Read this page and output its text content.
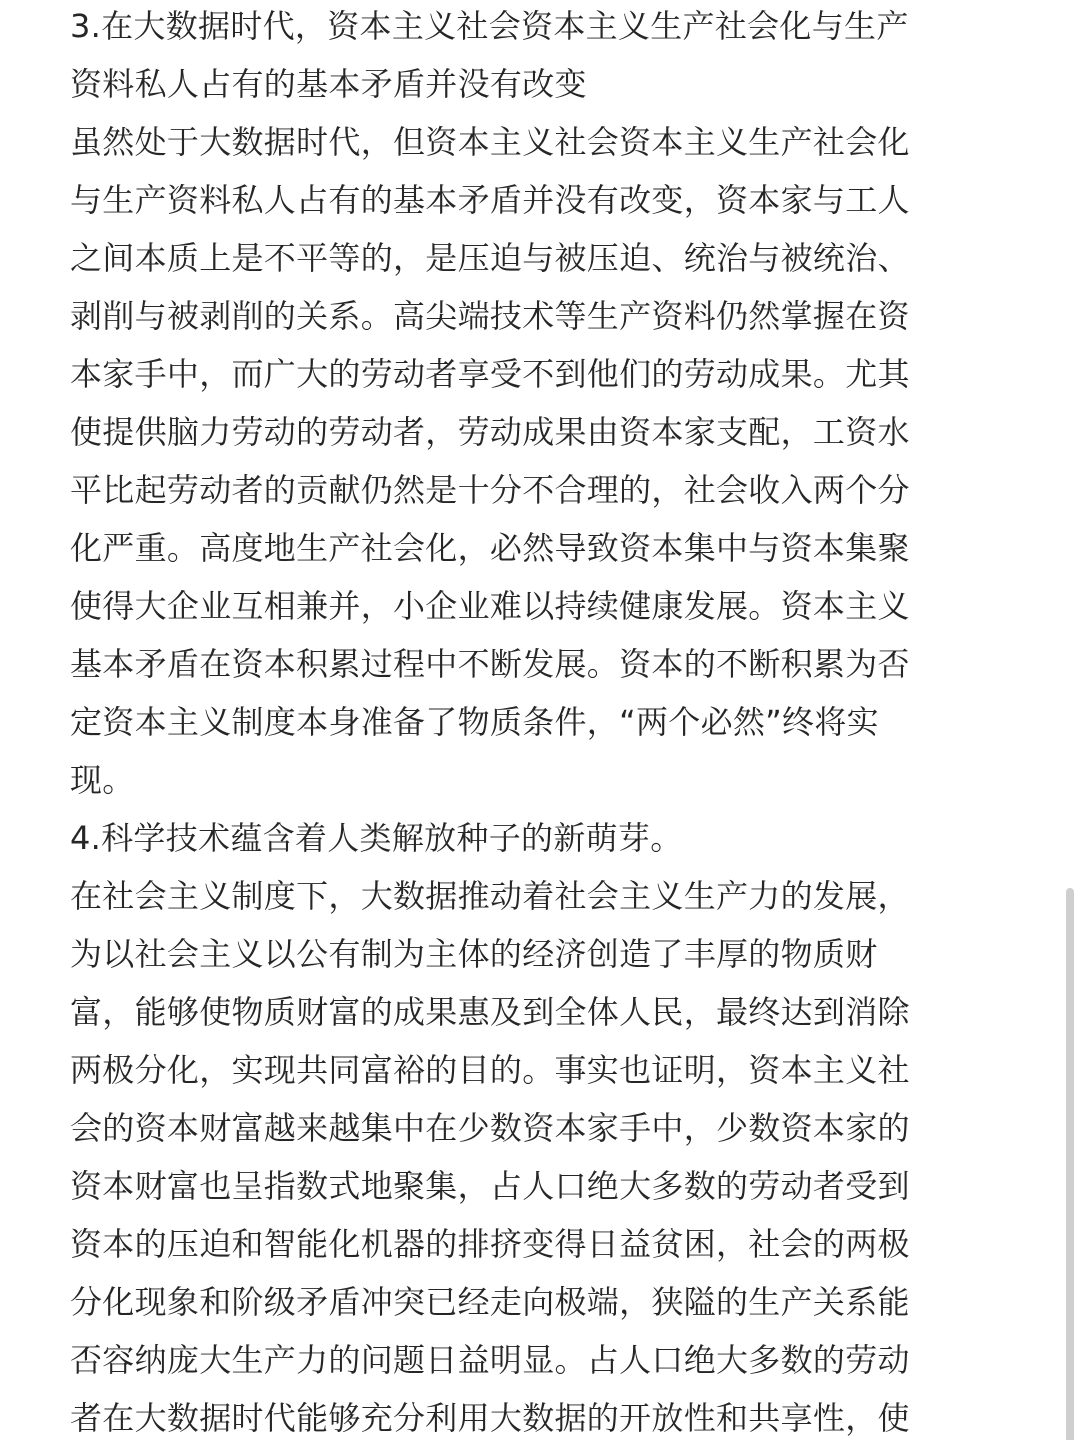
3.在大数据时代，资本主义社会资本主义生产社会化与生产
资料私人占有的基本矛盾并没有改变
虽然处于大数据时代，但资本主义社会资本主义生产社会化
与生产资料私人占有的基本矛盾并没有改变，资本家与工人
之间本质上是不平等的，是压迫与被压迫、统治与被统治、
剥削与被剥削的关系。高尖端技术等生产资料仍然掌握在资
本家手中，而广大的劳动者享受不到他们的劳动成果。尤其
使提供脑力劳动的劳动者，劳动成果由资本家支配，工资水
平比起劳动者的贡献仍然是十分不合理的，社会收入两个分
化严重。高度地生产社会化，必然导致资本集中与资本集聚
使得大企业互相兼并，小企业难以持续健康发展。资本主义
基本矛盾在资本积累过程中不断发展。资本的不断积累为否
定资本主义制度本身准备了物质条件，“两个必然”终将实
现。
4.科学技术蕴含着人类解放种子的新萌芽。
在社会主义制度下，大数据推动着社会主义生产力的发展，
为以社会主义以公有制为主体的经济创造了丰厚的物质财
富，能够使物质财富的成果惠及到全体人民，最终达到消除
两极分化，实现共同富裕的目的。事实也证明，资本主义社
会的资本财富越来越集中在少数资本家手中，少数资本家的
资本财富也呈指数式地聚集，占人口绝大多数的劳动者受到
资本的压迫和智能化机器的排挤变得日益贫困，社会的两极
分化现象和阶级矛盾冲突已经走向极端，狭隘的生产关系能
否容纳庞大生产力的问题日益明显。占人口绝大多数的劳动
者在大数据时代能够充分利用大数据的开放性和共享性，使
